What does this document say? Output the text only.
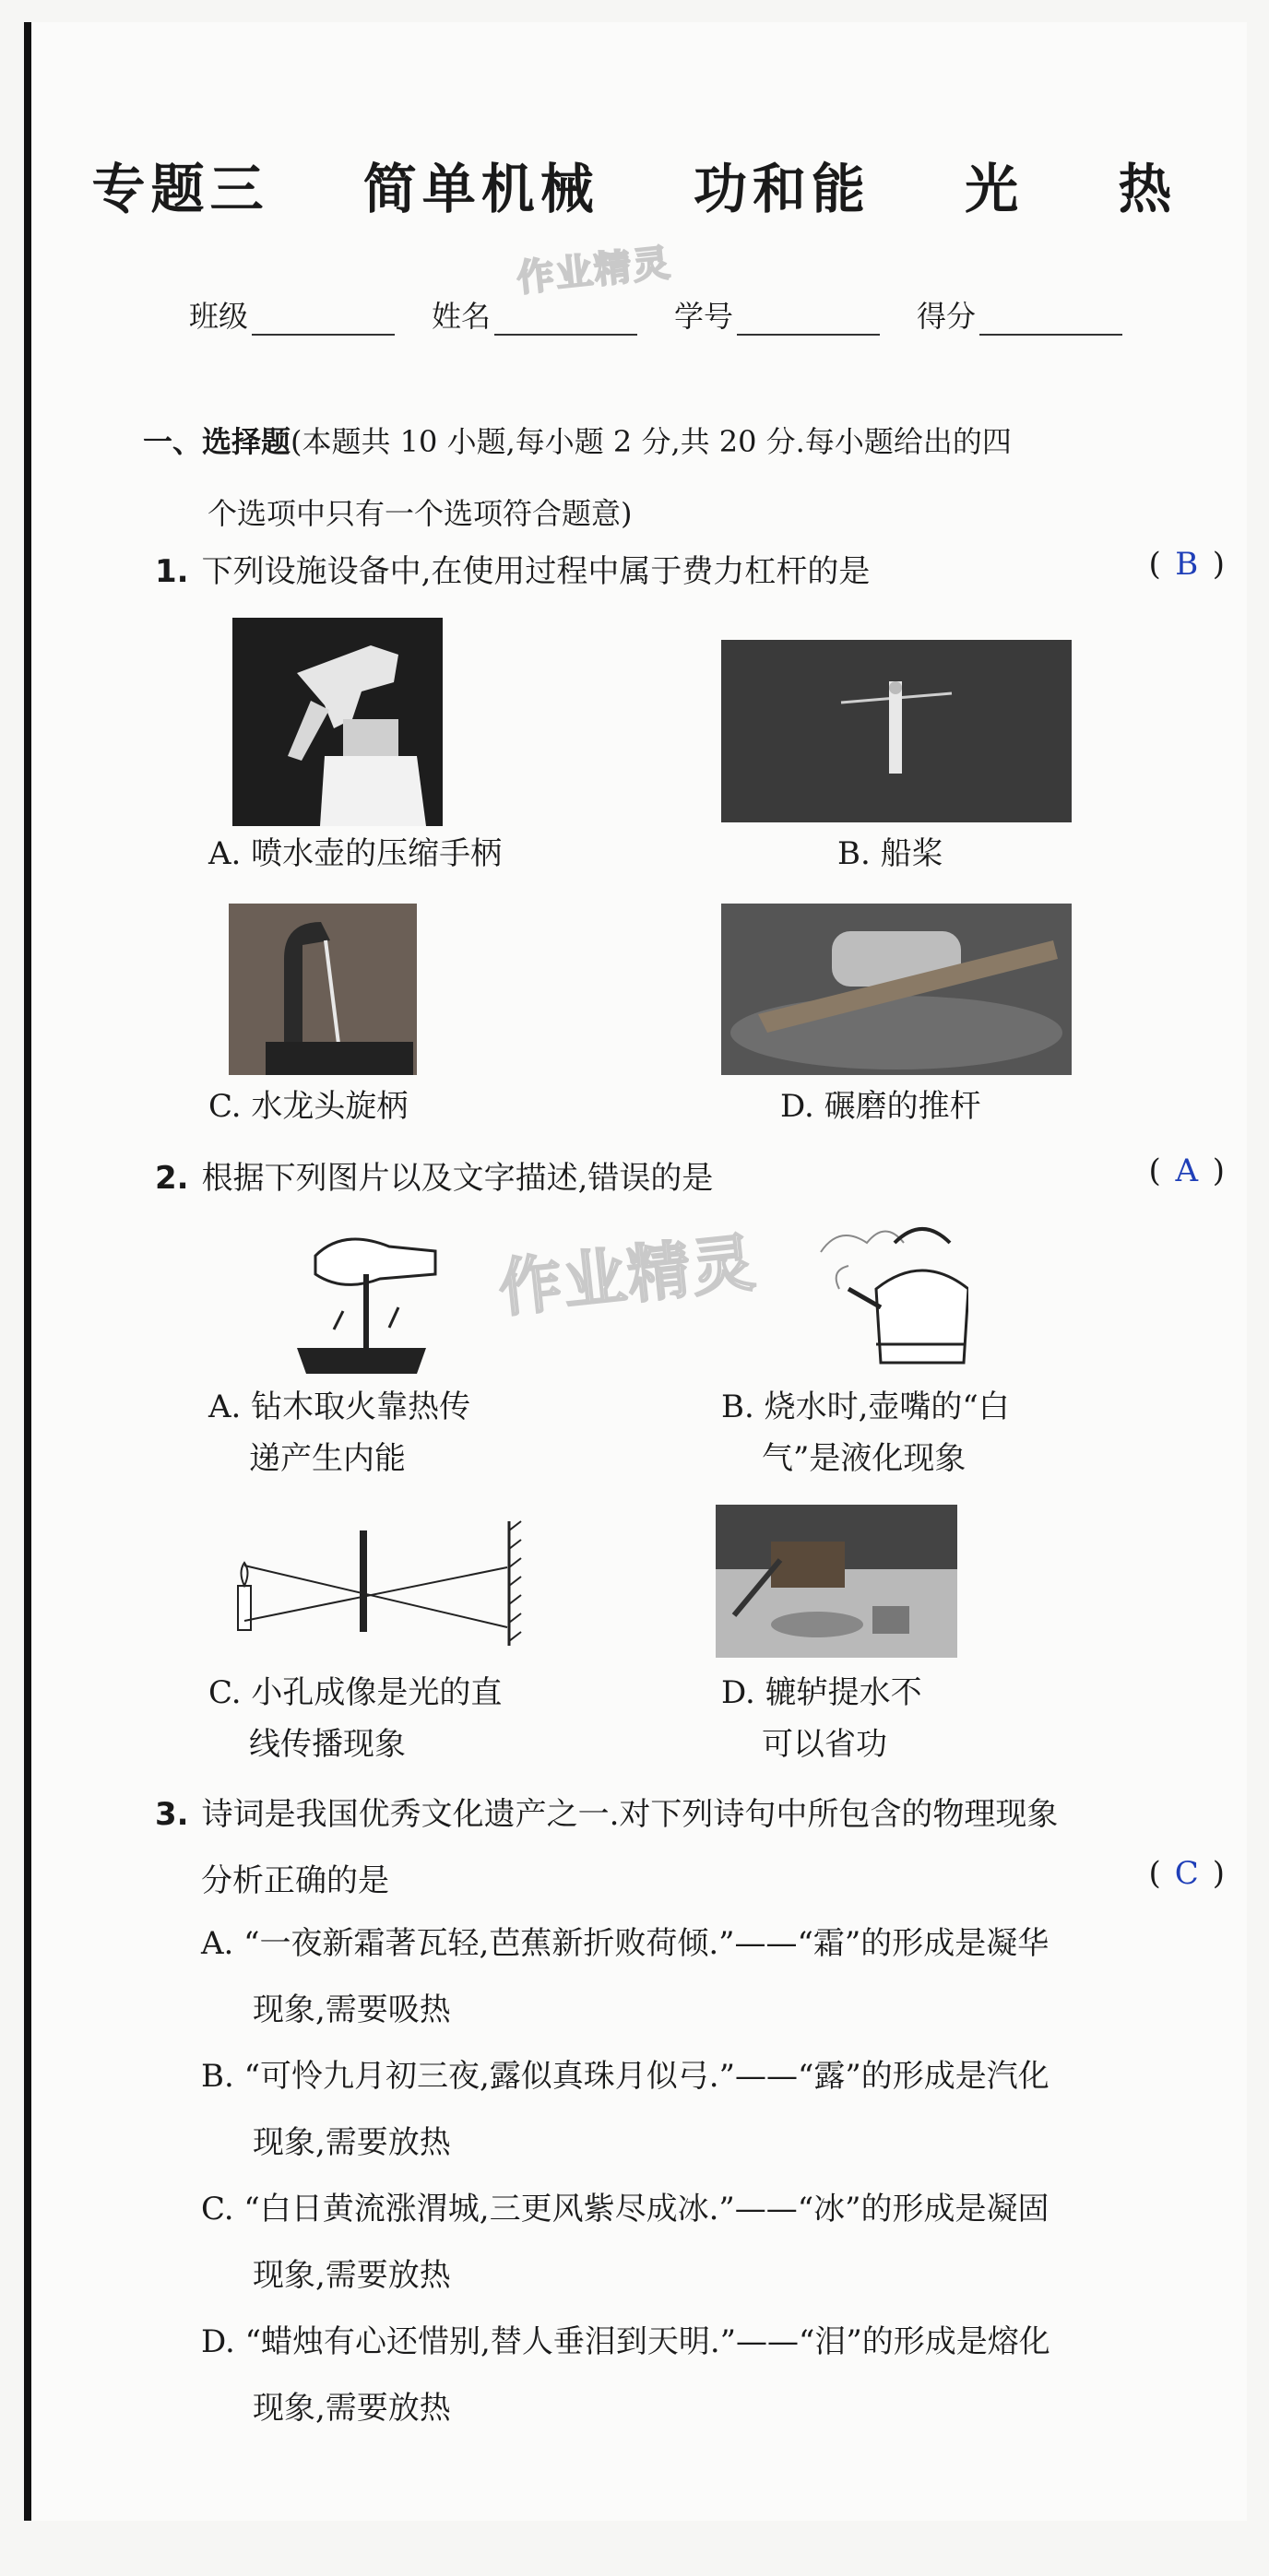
专题三 简单机械 功和能 光 热
作业精灵
班级	姓名	学号	得分
一、选择题(本题共 10 小题,每小题 2 分,共 20 分.每小题给出的四
个选项中只有一个选项符合题意)
1. 下列设施设备中,在使用过程中属于费力杠杆的是	( B )
A. 喷水壶的压缩手柄	B. 船桨
C. 水龙头旋柄	D. 碾磨的推杆
2. 根据下列图片以及文字描述,错误的是	( A )
作业精灵
A. 钻木取火靠热传
递产生内能
B. 烧水时,壶嘴的“白
气”是液化现象
C. 小孔成像是光的直
线传播现象
D. 辘轳提水不
可以省功
3. 诗词是我国优秀文化遗产之一.对下列诗句中所包含的物理现象
分析正确的是	( C )
A. “一夜新霜著瓦轻,芭蕉新折败荷倾.”——“霜”的形成是凝华
现象,需要吸热
B. “可怜九月初三夜,露似真珠月似弓.”——“露”的形成是汽化
现象,需要放热
C. “白日黄流涨渭城,三更风紫尽成冰.”——“冰”的形成是凝固
现象,需要放热
D. “蜡烛有心还惜别,替人垂泪到天明.”——“泪”的形成是熔化
现象,需要放热
